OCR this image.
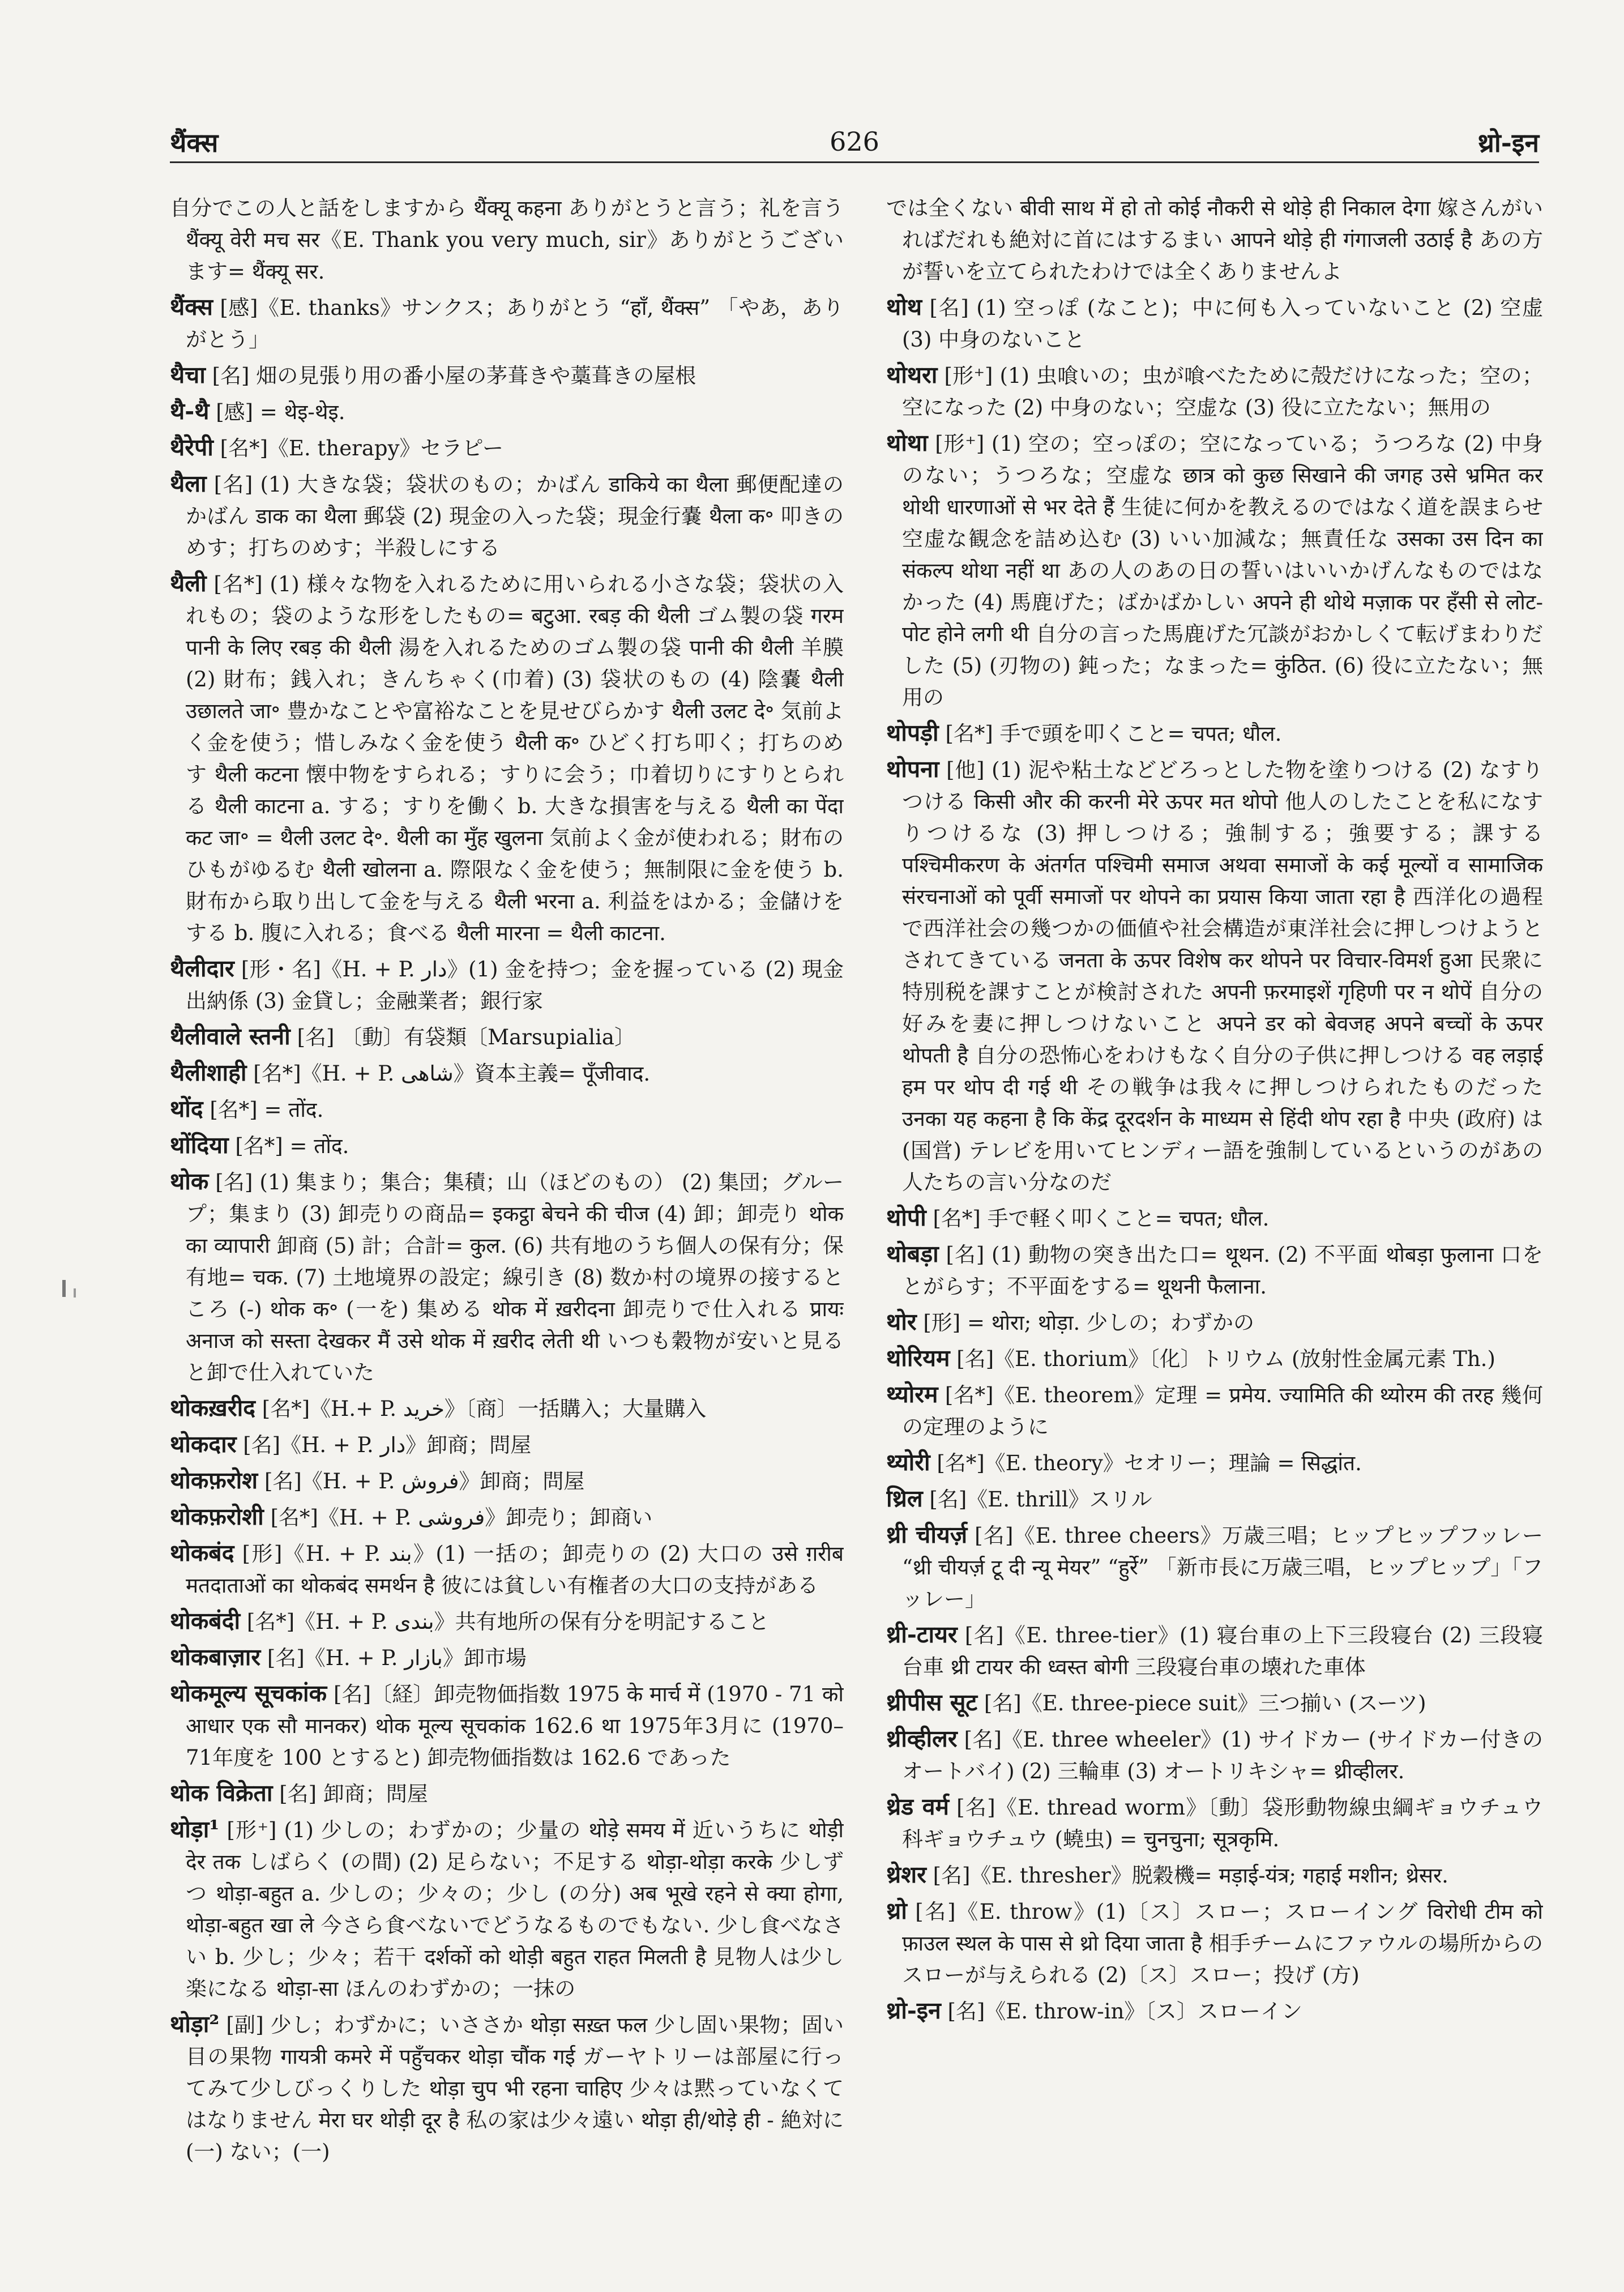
थैंक्स	626	थ्रो-इन

自分でこの人と話をしますから थैंक्यू कहना ありがとうと言う；礼を言う थैंक्यू वेरी मच सर《E. Thank you very much, sir》ありがとうございます= थैंक्यू सर.

थैंक्स [感]《E. thanks》サンクス；ありがとう “हाँ, थैंक्स” 「やあ，ありがとう」

थैचा [名] 畑の見張り用の番小屋の茅葺きや藁葺きの屋根

थै-थै [感] = थेइ-थेइ.

थैरेपी [名*]《E. therapy》セラピー

थैला [名] (1) 大きな袋；袋状のもの；かばん डाकिये का थैला 郵便配達のかばん डाक का थैला 郵袋 (2) 現金の入った袋；現金行嚢 थैला क॰ 叩きのめす；打ちのめす；半殺しにする

थैली [名*] (1) 様々な物を入れるために用いられる小さな袋；袋状の入れもの；袋のような形をしたもの= बटुआ. रबड़ की थैली ゴム製の袋 गरम पानी के लिए रबड़ की थैली 湯を入れるためのゴム製の袋 पानी की थैली 羊膜 (2) 財布；銭入れ；きんちゃく(巾着) (3) 袋状のもの (4) 陰嚢 थैली उछालते जा॰ 豊かなことや富裕なことを見せびらかす थैली उलट दे॰ 気前よく金を使う；惜しみなく金を使う थैली क॰ ひどく打ち叩く；打ちのめす थैली कटना 懐中物をすられる；すりに会う；巾着切りにすりとられる थैली काटना a. する；すりを働く b. 大きな損害を与える थैली का पेंदा कट जा॰ = थैली उलट दे॰. थैली का मुँह खुलना 気前よく金が使われる；財布のひもがゆるむ थैली खोलना a. 際限なく金を使う；無制限に金を使う b. 財布から取り出して金を与える थैली भरना a. 利益をはかる；金儲けをする b. 腹に入れる；食べる थैली मारना = थैली काटना.

थैलीदार [形・名]《H. + P. دار》(1) 金を持つ；金を握っている (2) 現金出納係 (3) 金貸し；金融業者；銀行家

थैलीवाले स्तनी [名] 〔動〕有袋類〔Marsupialia〕

थैलीशाही [名*]《H. + P. شاهی》資本主義= पूँजीवाद.

थोंद [名*] = तोंद.

थोंदिया [名*] = तोंद.

थोक [名] (1) 集まり；集合；集積；山（ほどのもの） (2) 集団；グループ；集まり (3) 卸売りの商品= इकट्ठा बेचने की चीज (4) 卸；卸売り थोक का व्यापारी 卸商 (5) 計；合計= कुल. (6) 共有地のうち個人の保有分；保有地= चक. (7) 土地境界の設定；線引き (8) 数か村の境界の接するところ (-) थोक क॰ (一を) 集める थोक में ख़रीदना 卸売りで仕入れる प्रायः अनाज को सस्ता देखकर मैं उसे थोक में ख़रीद लेती थी いつも穀物が安いと見ると卸で仕入れていた

थोकख़रीद [名*]《H.+ P. خرید》〔商〕一括購入；大量購入

थोकदार [名]《H. + P. دار》卸商；問屋

थोकफ़रोश [名]《H. + P. فروش》卸商；問屋

थोकफ़रोशी [名*]《H. + P. فروشی》卸売り；卸商い

थोकबंद [形]《H. + P. بند》(1) 一括の；卸売りの (2) 大口の उसे ग़रीब मतदाताओं का थोकबंद समर्थन है 彼には貧しい有権者の大口の支持がある

थोकबंदी [名*]《H. + P. بندی》共有地所の保有分を明記すること

थोकबाज़ार [名]《H. + P. بازار》卸市場

थोकमूल्य सूचकांक [名]〔経〕卸売物価指数 1975 के मार्च में (1970 - 71 को आधार एक सौ मानकर) थोक मूल्य सूचकांक 162.6 था 1975年3月に (1970–71年度を 100 とすると) 卸売物価指数は 162.6 であった

थोक विक्रेता [名] 卸商；問屋

थोड़ा¹ [形⁺] (1) 少しの；わずかの；少量の थोड़े समय में 近いうちに थोड़ी देर तक しばらく (の間) (2) 足らない；不足する थोड़ा-थोड़ा करके 少しずつ थोड़ा-बहुत a. 少しの；少々の；少し (の分) अब भूखे रहने से क्या होगा, थोड़ा-बहुत खा ले 今さら食べないでどうなるものでもない. 少し食べなさい b. 少し；少々；若干 दर्शकों को थोड़ी बहुत राहत मिलती है 見物人は少し楽になる थोड़ा-सा ほんのわずかの；一抹の

थोड़ा² [副] 少し；わずかに；いささか थोड़ा सख़्त फल 少し固い果物；固い目の果物 गायत्री कमरे में पहुँचकर थोड़ा चौंक गई ガーヤトリーは部屋に行ってみて少しびっくりした थोड़ा चुप भी रहना चाहिए 少々は黙っていなくてはなりません मेरा घर थोड़ी दूर है 私の家は少々遠い थोड़ा ही/थोड़े ही - 絶対に (一) ない；(一)

では全くない बीवी साथ में हो तो कोई नौकरी से थोड़े ही निकाल देगा 嫁さんがいればだれも絶対に首にはするまい आपने थोड़े ही गंगाजली उठाई है あの方が誓いを立てられたわけでは全くありませんよ

थोथ [名] (1) 空っぽ (なこと)；中に何も入っていないこと (2) 空虚 (3) 中身のないこと

थोथरा [形⁺] (1) 虫喰いの；虫が喰べたために殻だけになった；空の；空になった (2) 中身のない；空虚な (3) 役に立たない；無用の

थोथा [形⁺] (1) 空の；空っぽの；空になっている；うつろな (2) 中身のない；うつろな；空虚な छात्र को कुछ सिखाने की जगह उसे भ्रमित कर थोथी धारणाओं से भर देते हैं 生徒に何かを教えるのではなく道を誤まらせ空虚な観念を詰め込む (3) いい加減な；無責任な उसका उस दिन का संकल्प थोथा नहीं था あの人のあの日の誓いはいいかげんなものではなかった (4) 馬鹿げた；ばかばかしい अपने ही थोथे मज़ाक पर हँसी से लोट-पोट होने लगी थी 自分の言った馬鹿げた冗談がおかしくて転げまわりだした (5) (刃物の) 鈍った；なまった= कुंठित. (6) 役に立たない；無用の

थोपड़ी [名*] 手で頭を叩くこと= चपत; धौल.

थोपना [他] (1) 泥や粘土などどろっとした物を塗りつける (2) なすりつける किसी और की करनी मेरे ऊपर मत थोपो 他人のしたことを私になすりつけるな (3) 押しつける；強制する；強要する；課する पश्चिमीकरण के अंतर्गत पश्चिमी समाज अथवा समाजों के कई मूल्यों व सामाजिक संरचनाओं को पूर्वी समाजों पर थोपने का प्रयास किया जाता रहा है 西洋化の過程で西洋社会の幾つかの価値や社会構造が東洋社会に押しつけようとされてきている जनता के ऊपर विशेष कर थोपने पर विचार-विमर्श हुआ 民衆に特別税を課すことが検討された अपनी फ़रमाइशें गृहिणी पर न थोपें 自分の好みを妻に押しつけないこと अपने डर को बेवजह अपने बच्चों के ऊपर थोपती है 自分の恐怖心をわけもなく自分の子供に押しつける वह लड़ाई हम पर थोप दी गई थी その戦争は我々に押しつけられたものだった उनका यह कहना है कि केंद्र दूरदर्शन के माध्यम से हिंदी थोप रहा है 中央 (政府) は (国営) テレビを用いてヒンディー語を強制しているというのがあの人たちの言い分なのだ

थोपी [名*] 手で軽く叩くこと= चपत; धौल.

थोबड़ा [名] (1) 動物の突き出た口= थूथन. (2) 不平面 थोबड़ा फुलाना 口をとがらす；不平面をする= थूथनी फैलाना.

थोर [形] = थोरा; थोड़ा. 少しの；わずかの

थोरियम [名]《E. thorium》〔化〕トリウム (放射性金属元素 Th.)

थ्योरम [名*]《E. theorem》定理 = प्रमेय. ज्यामिति की थ्योरम की तरह 幾何の定理のように

थ्योरी [名*]《E. theory》セオリー；理論 = सिद्धांत.

थ्रिल [名]《E. thrill》スリル

थ्री चीयर्ज़ [名]《E. three cheers》万歳三唱；ヒップヒップフッレー “थ्री चीयर्ज़ टू दी न्यू मेयर” “हुर्रे” 「新市長に万歳三唱，ヒップヒップ」「フッレー」

थ्री-टायर [名]《E. three-tier》(1) 寝台車の上下三段寝台 (2) 三段寝台車 थ्री टायर की ध्वस्त बोगी 三段寝台車の壊れた車体

थ्रीपीस सूट [名]《E. three-piece suit》三つ揃い (スーツ)

थ्रीव्हीलर [名]《E. three wheeler》(1) サイドカー (サイドカー付きのオートバイ) (2) 三輪車 (3) オートリキシャ= थ्रीव्हीलर.

थ्रेड वर्म [名]《E. thread worm》〔動〕袋形動物線虫綱ギョウチュウ科ギョウチュウ (蟯虫) = चुनचुना; सूत्रकृमि.

थ्रेशर [名]《E. thresher》脱穀機= मड़ाई-यंत्र; गहाई मशीन; थ्रेसर.

थ्रो [名]《E. throw》(1)〔ス〕スロー；スローイング विरोधी टीम को फ़ाउल स्थल के पास से थ्रो दिया जाता है 相手チームにファウルの場所からのスローが与えられる (2)〔ス〕スロー；投げ (方)

थ्रो-इन [名]《E. throw-in》〔ス〕スローイン
